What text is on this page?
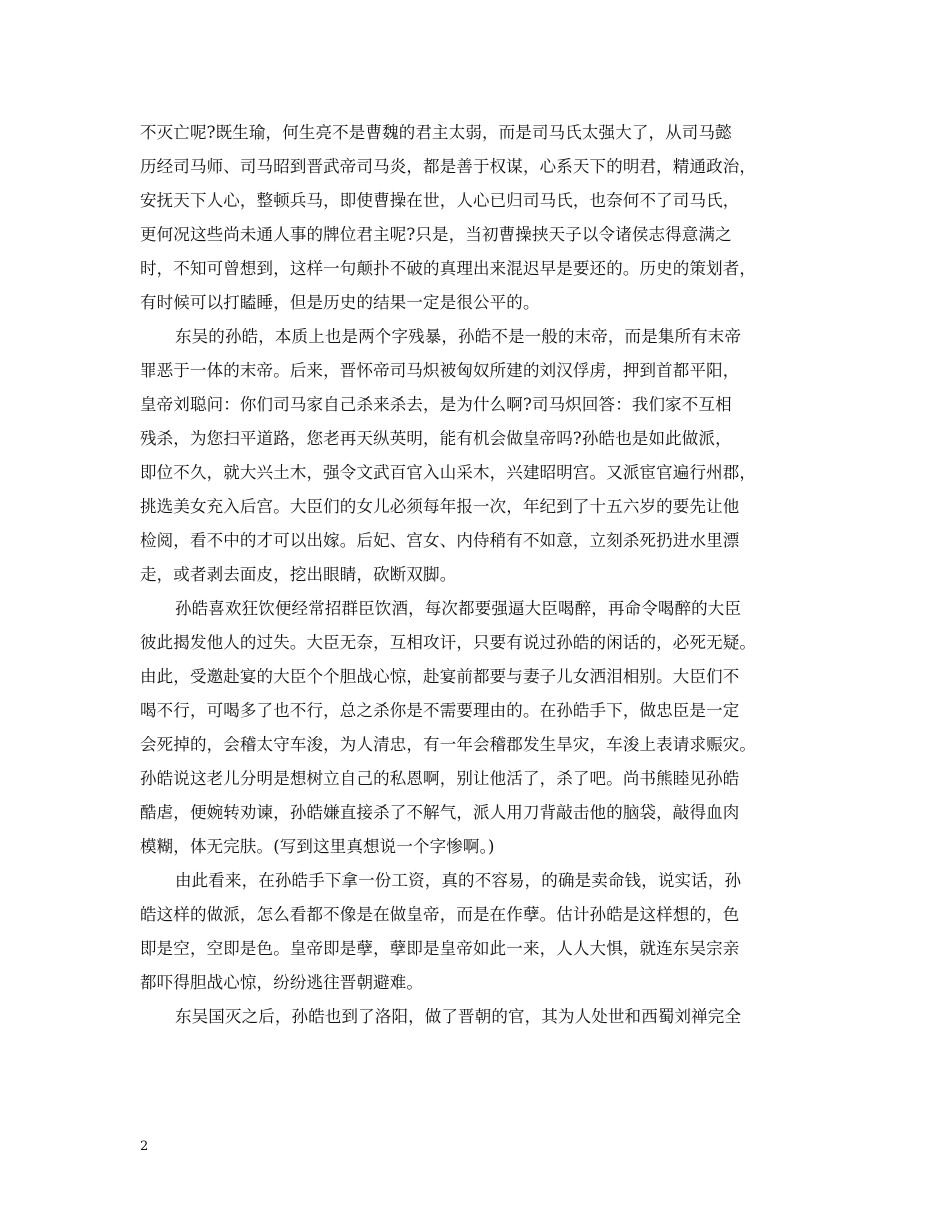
不灭亡呢?既生瑜，何生亮不是曹魏的君主太弱，而是司马氏太强大了，从司马懿
历经司马师、司马昭到晋武帝司马炎，都是善于权谋，心系天下的明君，精通政治，
安抚天下人心，整顿兵马，即使曹操在世，人心已归司马氏，也奈何不了司马氏，
更何况这些尚未通人事的牌位君主呢?只是，当初曹操挟天子以令诸侯志得意满之
时，不知可曾想到，这样一句颠扑不破的真理出来混迟早是要还的。历史的策划者，
有时候可以打瞌睡，但是历史的结果一定是很公平的。
东吴的孙皓，本质上也是两个字残暴，孙皓不是一般的末帝，而是集所有末帝
罪恶于一体的末帝。后来，晋怀帝司马炽被匈奴所建的刘汉俘虏，押到首都平阳，
皇帝刘聪问：你们司马家自己杀来杀去，是为什么啊?司马炽回答：我们家不互相
残杀，为您扫平道路，您老再天纵英明，能有机会做皇帝吗?孙皓也是如此做派，
即位不久，就大兴土木，强令文武百官入山采木，兴建昭明宫。又派宦官遍行州郡，
挑选美女充入后宫。大臣们的女儿必须每年报一次，年纪到了十五六岁的要先让他
检阅，看不中的才可以出嫁。后妃、宫女、内侍稍有不如意，立刻杀死扔进水里漂
走，或者剥去面皮，挖出眼睛，砍断双脚。
孙皓喜欢狂饮便经常招群臣饮酒，每次都要强逼大臣喝醉，再命令喝醉的大臣
彼此揭发他人的过失。大臣无奈，互相攻讦，只要有说过孙皓的闲话的，必死无疑。
由此，受邀赴宴的大臣个个胆战心惊，赴宴前都要与妻子儿女洒泪相别。大臣们不
喝不行，可喝多了也不行，总之杀你是不需要理由的。在孙皓手下，做忠臣是一定
会死掉的，会稽太守车浚，为人清忠，有一年会稽郡发生旱灾，车浚上表请求赈灾。
孙皓说这老儿分明是想树立自己的私恩啊，别让他活了，杀了吧。尚书熊睦见孙皓
酷虐，便婉转劝谏，孙皓嫌直接杀了不解气，派人用刀背敲击他的脑袋，敲得血肉
模糊，体无完肤。(写到这里真想说一个字惨啊。)
由此看来，在孙皓手下拿一份工资，真的不容易，的确是卖命钱，说实话，孙
皓这样的做派，怎么看都不像是在做皇帝，而是在作孽。估计孙皓是这样想的，色
即是空，空即是色。皇帝即是孽，孽即是皇帝如此一来，人人大惧，就连东吴宗亲
都吓得胆战心惊，纷纷逃往晋朝避难。
东吴国灭之后，孙皓也到了洛阳，做了晋朝的官，其为人处世和西蜀刘禅完全
2
